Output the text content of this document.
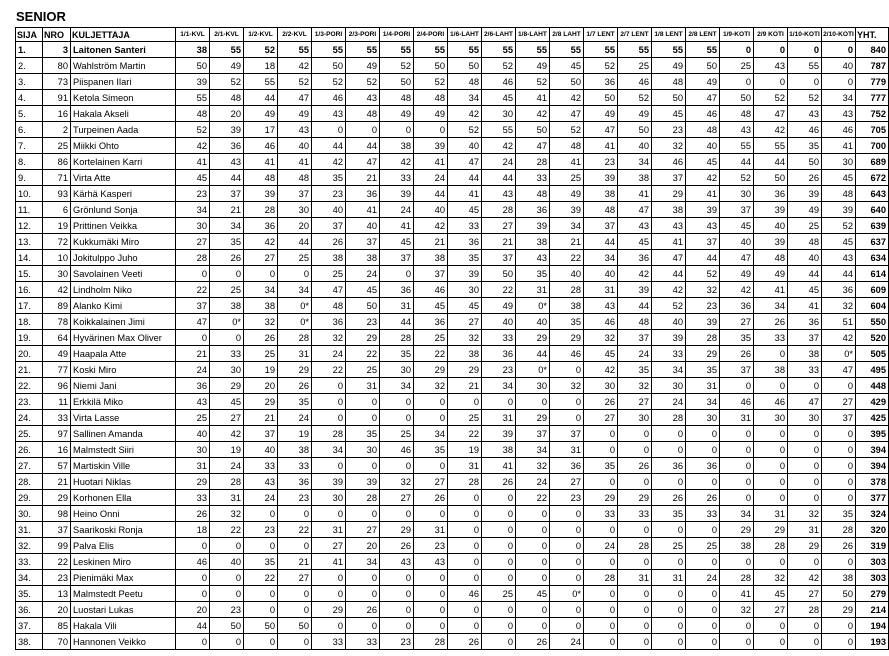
SENIOR
SIJA	NRO	KULJETTAJA	1/1-KVL	2/1-KVL	1/2-KVL	2/2-KVL	1/3-PORI	2/3-PORI	1/4-PORI	2/4-PORI	1/6-LAHT	2/6-LAHT	1/8-LAHT	2/8 LAHT	1/7 LENT	2/7 LENT	1/8 LENT	2/8 LENT	1/9-KOTI	2/9 KOTI	1/10-KOTI	2/10-KOTI	YHT.
1.	3	Laitonen Santeri	38	55	52	55	55	55	55	55	55	55	55	55	55	55	55	55	0	0	0	0	840
2.	80	Wahlström Martin	50	49	18	42	50	49	52	50	50	52	49	45	52	25	49	50	25	43	55	40	787
3.	73	Piispanen Ilari	39	52	55	52	52	52	50	52	48	46	52	50	36	46	48	49	0	0	0	0	779
4.	91	Ketola Simeon	55	48	44	47	46	43	48	48	34	45	41	42	50	52	50	47	50	52	52	34	777
5.	16	Hakala Akseli	48	20	49	49	43	48	49	49	42	30	42	47	49	49	45	46	48	47	43	43	752
6.	2	Turpeinen Aada	52	39	17	43	0	0	0	0	52	55	50	52	47	50	23	48	43	42	46	46	705
7.	25	Miikki Ohto	42	36	46	40	44	44	38	39	40	42	47	48	41	40	32	40	55	55	35	41	700
8.	86	Kortelainen Karri	41	43	41	41	42	47	42	41	47	24	28	41	23	34	46	45	44	44	50	30	689
9.	71	Virta Atte	45	44	48	48	35	21	33	24	44	44	33	25	39	38	37	42	52	50	26	45	672
10.	93	Kärhä Kasperi	23	37	39	37	23	36	39	44	41	43	48	49	38	41	29	41	30	36	39	48	643
11.	6	Grönlund Sonja	34	21	28	30	40	41	24	40	45	28	36	39	48	47	38	39	37	39	49	39	640
12.	19	Prittinen Veikka	30	34	36	20	37	40	41	42	33	27	39	34	37	43	43	43	45	40	25	52	639
13.	72	Kukkumäki Miro	27	35	42	44	26	37	45	21	36	21	38	21	44	45	41	37	40	39	48	45	637
14.	10	Jokitulppo Juho	28	26	27	25	38	38	37	38	35	37	43	22	34	36	47	44	47	48	40	43	634
15.	30	Savolainen Veeti	0	0	0	0	25	24	0	37	39	50	35	40	40	42	44	52	49	49	44	44	614
16.	42	Lindholm Niko	22	25	34	34	47	45	36	46	30	22	31	28	31	39	42	32	42	41	45	36	609
17.	89	Alanko Kimi	37	38	38	0*	48	50	31	45	45	49	0*	38	43	44	52	23	36	34	41	32	604
18.	78	Koikkalainen Jimi	47	0*	32	0*	36	23	44	36	27	40	40	35	46	48	40	39	27	26	36	51	550
19.	64	Hyvärinen Max Oliver	0	0	26	28	32	29	28	25	32	33	29	29	32	37	39	28	35	33	37	42	520
20.	49	Haapala Atte	21	33	25	31	24	22	35	22	38	36	44	46	45	24	33	29	26	0	38	0*	505
21.	77	Koski Miro	24	30	19	29	22	25	30	29	29	23	0*	0	42	35	34	35	37	38	33	47	495
22.	96	Niemi Jani	36	29	20	26	0	31	34	32	21	34	30	32	30	32	30	31	0	0	0	0	448
23.	11	Erkkilä Miko	43	45	29	35	0	0	0	0	0	0	0	0	26	27	24	34	46	46	47	27	429
24.	33	Virta Lasse	25	27	21	24	0	0	0	0	25	31	29	0	27	30	28	30	31	30	30	37	425
25.	97	Sallinen Amanda	40	42	37	19	28	35	25	34	22	39	37	37	0	0	0	0	0	0	0	0	395
26.	16	Malmstedt Siiri	30	19	40	38	34	30	46	35	19	38	34	31	0	0	0	0	0	0	0	0	394
27.	57	Martiskin Ville	31	24	33	33	0	0	0	0	31	41	32	36	35	26	36	36	0	0	0	0	394
28.	21	Huotari Niklas	29	28	43	36	39	39	32	27	28	26	24	27	0	0	0	0	0	0	0	0	378
29.	29	Korhonen Ella	33	31	24	23	30	28	27	26	0	0	22	23	29	29	26	26	0	0	0	0	377
30.	98	Heino Onni	26	32	0	0	0	0	0	0	0	0	0	0	33	33	35	33	34	31	32	35	324
31.	37	Saarikoski Ronja	18	22	23	22	31	27	29	31	0	0	0	0	0	0	0	0	29	29	31	28	320
32.	99	Palva Elis	0	0	0	0	27	20	26	23	0	0	0	0	24	28	25	25	38	28	29	26	319
33.	22	Leskinen Miro	46	40	35	21	41	34	43	43	0	0	0	0	0	0	0	0	0	0	0	0	303
34.	23	Pienimäki Max	0	0	22	27	0	0	0	0	0	0	0	0	28	31	31	24	28	32	42	38	303
35.	13	Malmstedt Peetu	0	0	0	0	0	0	0	0	46	25	45	0*	0	0	0	0	41	45	27	50	279
36.	20	Luostari Lukas	20	23	0	0	29	26	0	0	0	0	0	0	0	0	0	0	32	27	28	29	214
37.	85	Hakala Vili	44	50	50	50	0	0	0	0	0	0	0	0	0	0	0	0	0	0	0	0	194
38.	70	Hannonen Veikko	0	0	0	0	33	33	23	28	26	0	26	24	0	0	0	0	0	0	0	0	193
